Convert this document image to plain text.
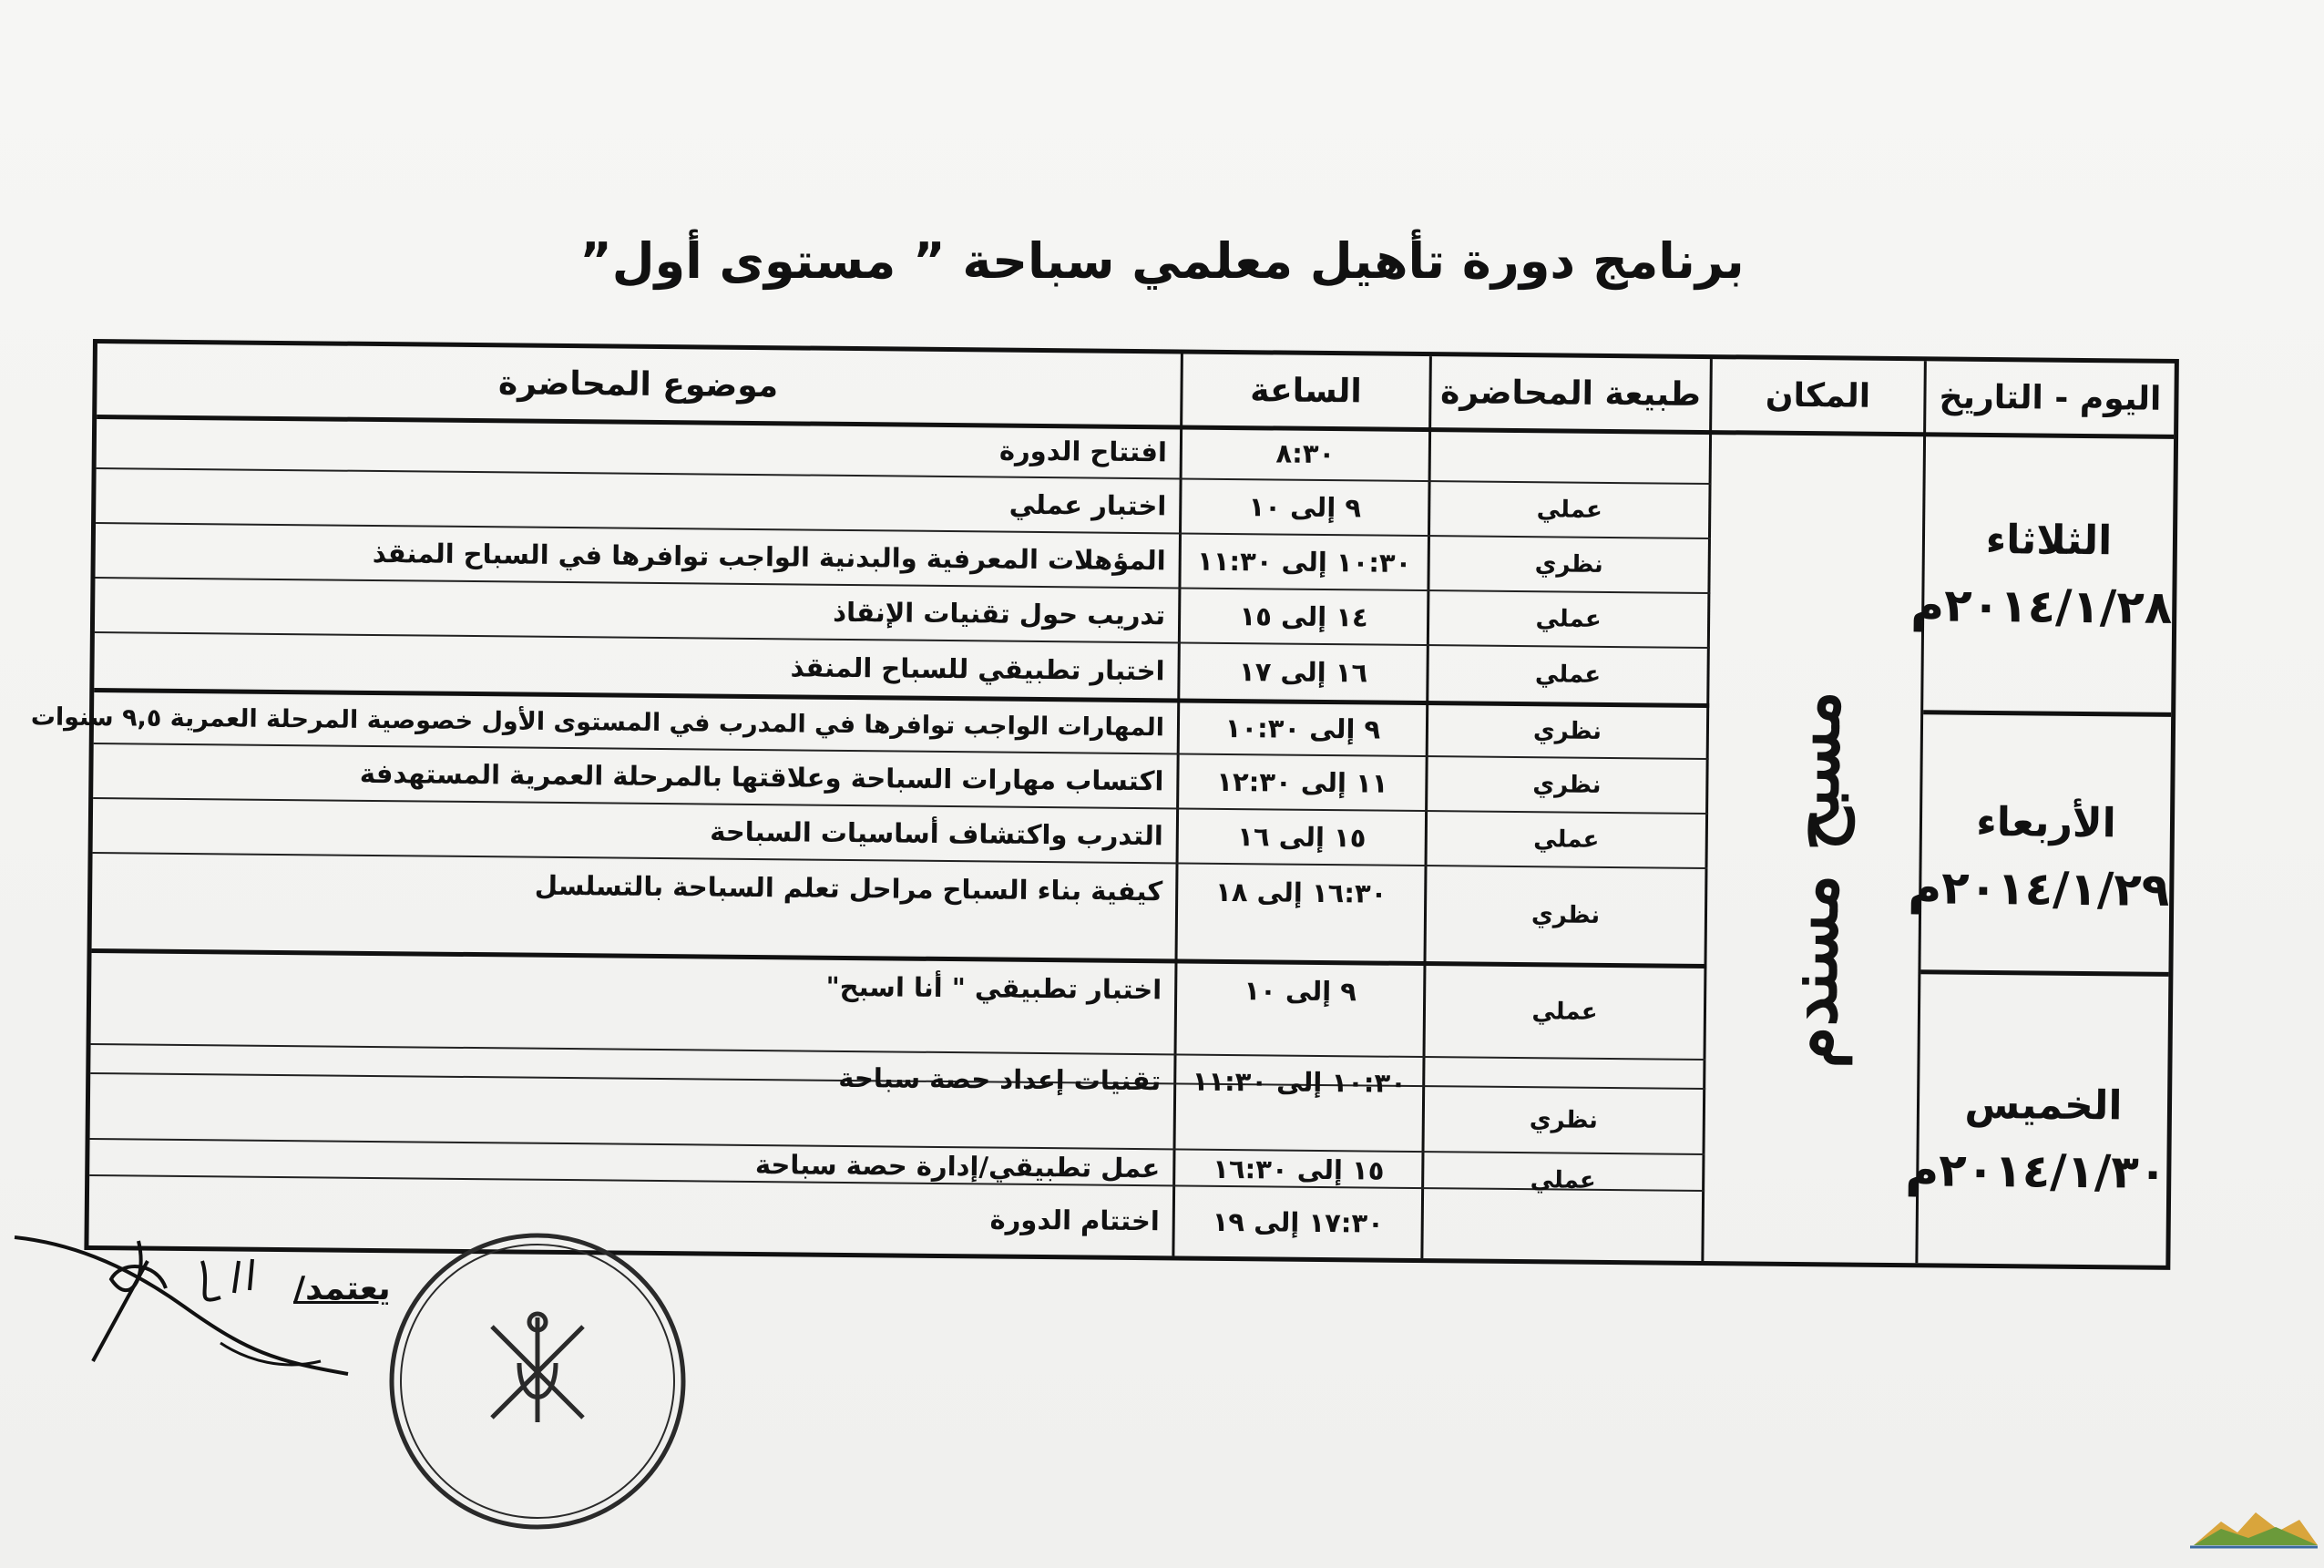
برنامج دورة تأهيل معلمي سباحة ” مستوى أول”
اليوم - التاريخ
المكان
طبيعة المحاضرة
الساعة
موضوع المحاضرة
الثلاثاء
٢٠١٤/١/٢٨م
الأربعاء
٢٠١٤/١/٢٩م
الخميس
٢٠١٤/١/٣٠م
مسبح مسندم
٨:٣٠
افتتاح الدورة
عملي
٩ إلى ١٠
اختبار عملي
نظري
١٠:٣٠ إلى ١١:٣٠
المؤهلات المعرفية والبدنية الواجب توافرها في السباح المنقذ
عملي
١٤ إلى ١٥
تدريب حول تقنيات الإنقاذ
عملي
١٦ إلى ١٧
اختبار تطبيقي للسباح المنقذ
نظري
٩ إلى ١٠:٣٠
المهارات الواجب توافرها في المدرب في المستوى الأول خصوصية المرحلة العمرية ٩,٥ سنوات
نظري
١١ إلى ١٢:٣٠
اكتساب مهارات السباحة وعلاقتها بالمرحلة العمرية المستهدفة
عملي
١٥ إلى ١٦
التدرب واكتشاف أساسيات السباحة
نظري
١٦:٣٠ إلى ١٨
كيفية بناء السباح مراحل تعلم السباحة بالتسلسل
عملي
٩ إلى ١٠
اختبار تطبيقي " أنا اسبح"
نظري
١٠:٣٠ إلى ١١:٣٠
تقنيات إعداد حصة سباحة
عملي
١٥ إلى ١٦:٣٠
عمل تطبيقي/إدارة حصة سباحة
١٧:٣٠ إلى ١٩
اختتام الدورة
يعتمد/
